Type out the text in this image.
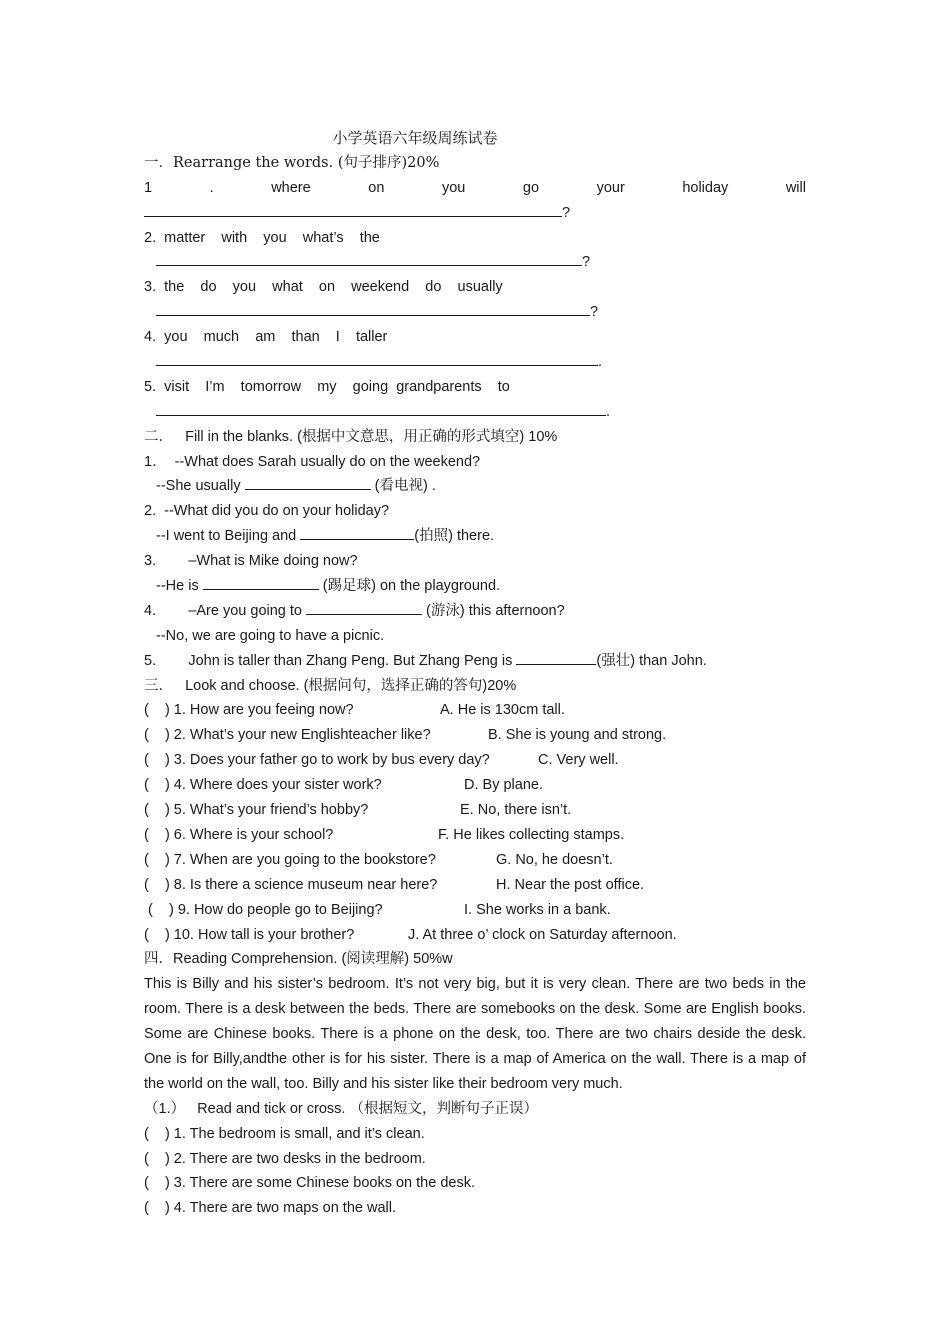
小学英语六年级周练试卷
一．Rearrange the words. (句子排序)20%
1	.	where	on	you	go	your	holiday	will
?
2.  matter    with    you    what’s    the
?
3.  the    do    you    what    on    weekend    do    usually
?
4.  you    much    am    than    I    taller
.
5.  visit    I’m    tomorrow    my    going  grandparents    to
.
二．   Fill in the blanks. (根据中文意思，用正确的形式填空) 10%
1．  --What does Sarah usually do on the weekend?
--She usually	(看电视) .
2.  --What did you do on your holiday?
--I went to Beijing and	(拍照) there.
3.        –What is Mike doing now?
--He is	(踢足球) on the playground.
4.        –Are you going to	(游泳) this afternoon?
--No, we are going to have a picnic.
5.        John is taller than Zhang Peng. But Zhang Peng is	(强壮) than John.
三．   Look and choose. (根据问句，选择正确的答句)20%
(    ) 1. How are you feeing now?	A. He is 130cm tall.
(    ) 2. What’s your new Englishteacher like?	B. She is young and strong.
(    ) 3. Does your father go to work by bus every day?	C. Very well.
(    ) 4. Where does your sister work?	D. By plane.
(    ) 5. What’s your friend’s hobby?	E. No, there isn’t.
(    ) 6. Where is your school?	F. He likes collecting stamps.
(    ) 7. When are you going to the bookstore?	G. No, he doesn’t.
(    ) 8. Is there a science museum near here?	H. Near the post office.
(    ) 9. How do people go to Beijing?	I. She works in a bank.
(    ) 10. How tall is your brother?	J. At three o’ clock on Saturday afternoon.
四．Reading Comprehension. (阅读理解) 50%w
This is Billy and his sister’s bedroom. It’s not very big, but it is very clean. There are two beds in the room. There is a desk between the beds. There are somebooks on the desk. Some are English books. Some are Chinese books. There is a phone on the desk, too. There are two chairs deside the desk. One is for Billy,andthe other is for his sister. There is a map of America on the wall. There is a map of the world on the wall, too. Billy and his sister like their bedroom very much.
（1.）   Read and tick or cross. （根据短文，判断句子正误）
(    ) 1. The bedroom is small, and it’s clean.
(    ) 2. There are two desks in the bedroom.
(    ) 3. There are some Chinese books on the desk.
(    ) 4. There are two maps on the wall.
